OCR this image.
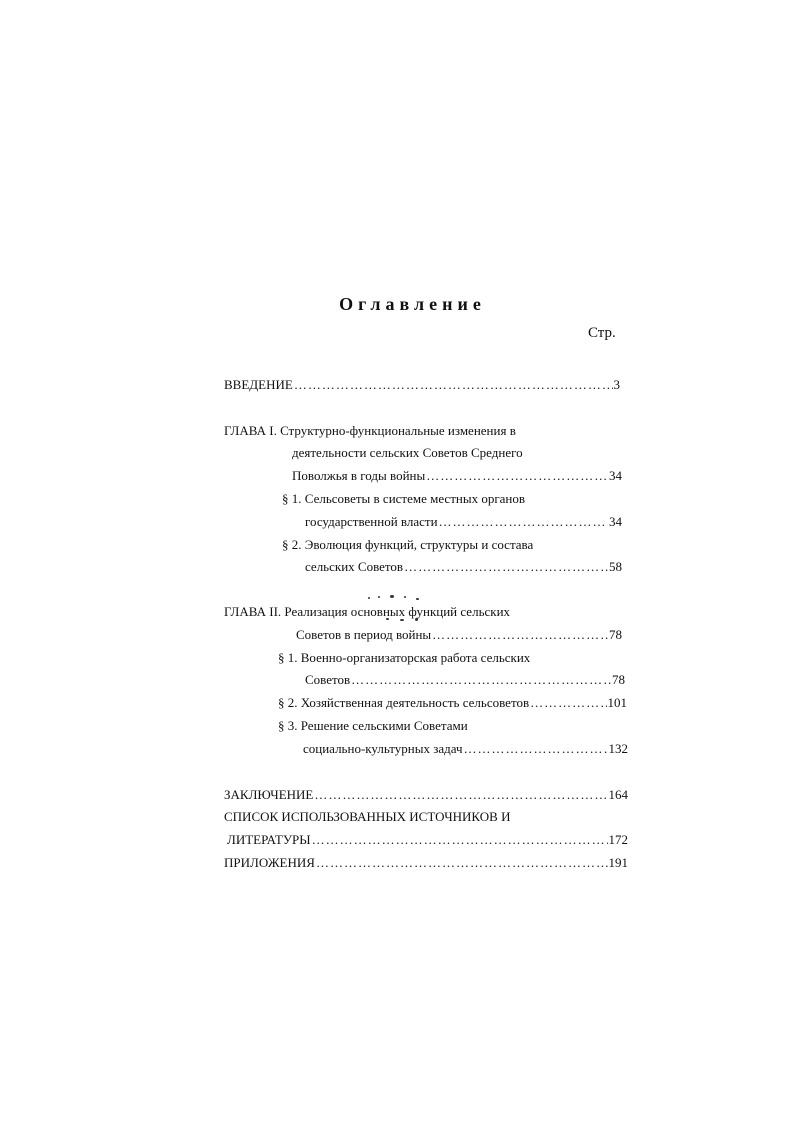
Оглавление
Стр.
ВВЕДЕНИЕ ……………………………………………………………………………………………………………………	3
ГЛАВА I. Структурно-функциональные изменения в
деятельности сельских Советов Среднего
Поволжья в годы войны ……………………………………………………………………………………………………………………	34
§ 1. Сельсоветы в системе местных органов
государственной власти ……………………………………………………………………………………………………………………	34
§ 2. Эволюция функций, структуры и состава
сельских Советов ……………………………………………………………………………………………………………………	58
ГЛАВА II. Реализация основных функций сельских
Советов в период войны ……………………………………………………………………………………………………………………	78
§ 1. Военно-организаторская работа сельских
Советов ……………………………………………………………………………………………………………………	78
§ 2. Хозяйственная деятельность сельсоветов ……………………………………………………………………………………………………………………	101
§ 3. Решение сельскими Советами
социально-культурных задач ……………………………………………………………………………………………………………………	132
ЗАКЛЮЧЕНИЕ ……………………………………………………………………………………………………………………	164
СПИСОК ИСПОЛЬЗОВАННЫХ ИСТОЧНИКОВ И
ЛИТЕРАТУРЫ ……………………………………………………………………………………………………………………	172
ПРИЛОЖЕНИЯ ……………………………………………………………………………………………………………………	191
